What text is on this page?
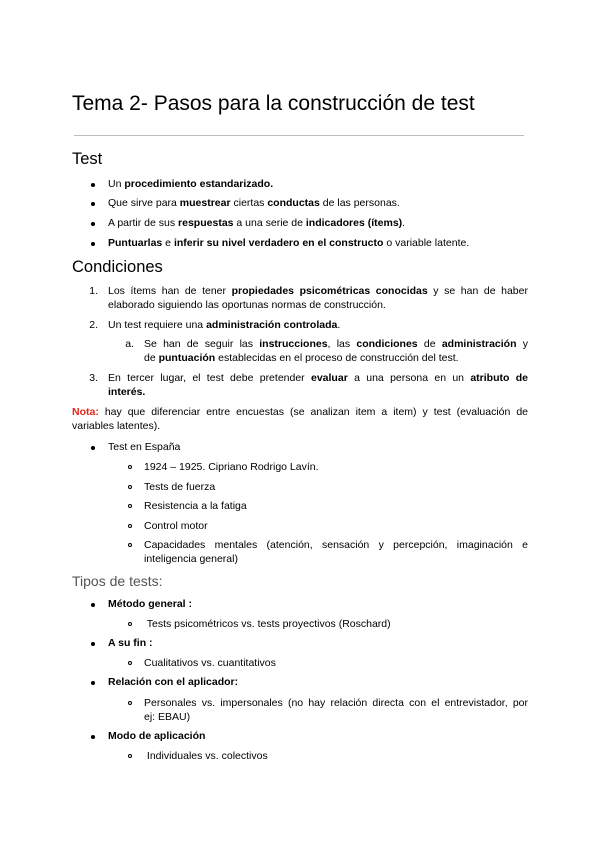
Tema 2- Pasos para la construcción de test
Test
Un procedimiento estandarizado.
Que sirve para muestrear ciertas conductas de las personas.
A partir de sus respuestas a una serie de indicadores (ítems).
Puntuarlas e inferir su nivel verdadero en el constructo o variable latente.
Condiciones
1. Los ítems han de tener propiedades psicométricas conocidas y se han de haber
elaborado siguiendo las oportunas normas de construcción.
2. Un test requiere una administración controlada.
a. Se han de seguir las instrucciones, las condiciones de administración y
de puntuación establecidas en el proceso de construcción del test.
3. En tercer lugar, el test debe pretender evaluar a una persona en un atributo de
interés.
Nota: hay que diferenciar entre encuestas (se analizan item a item) y test (evaluación de
variables latentes).
Test en España
1924 – 1925. Cipriano Rodrigo Lavín.
Tests de fuerza
Resistencia a la fatiga
Control motor
Capacidades mentales (atención, sensación y percepción, imaginación e
inteligencia general)
Tipos de tests:
Método general :
Tests psicométricos vs. tests proyectivos (Roschard)
A su fin :
Cualitativos vs. cuantitativos
Relación con el aplicador:
Personales vs. impersonales (no hay relación directa con el entrevistador, por
ej: EBAU)
Modo de aplicación
Individuales vs. colectivos
